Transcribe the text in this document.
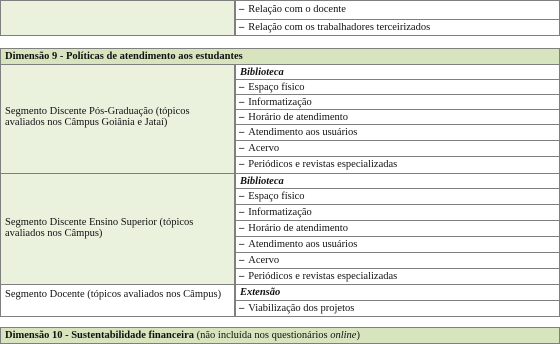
– Relação com o docente
– Relação com os trabalhadores terceirizados
Dimensão 9 - Políticas de atendimento aos estudantes
Segmento Discente Pós-Graduação (tópicos avaliados nos Câmpus Goiânia e Jataí)
Biblioteca
– Espaço físico
– Informatização
– Horário de atendimento
– Atendimento aos usuários
– Acervo
– Periódicos e revistas especializadas
Segmento Discente Ensino Superior (tópicos avaliados nos Câmpus)
Biblioteca
– Espaço físico
– Informatização
– Horário de atendimento
– Atendimento aos usuários
– Acervo
– Periódicos e revistas especializadas
Segmento Docente (tópicos avaliados nos Câmpus)	Extensão
– Viabilização dos projetos
Dimensão 10 - Sustentabilidade financeira (não incluída nos questionários online)
